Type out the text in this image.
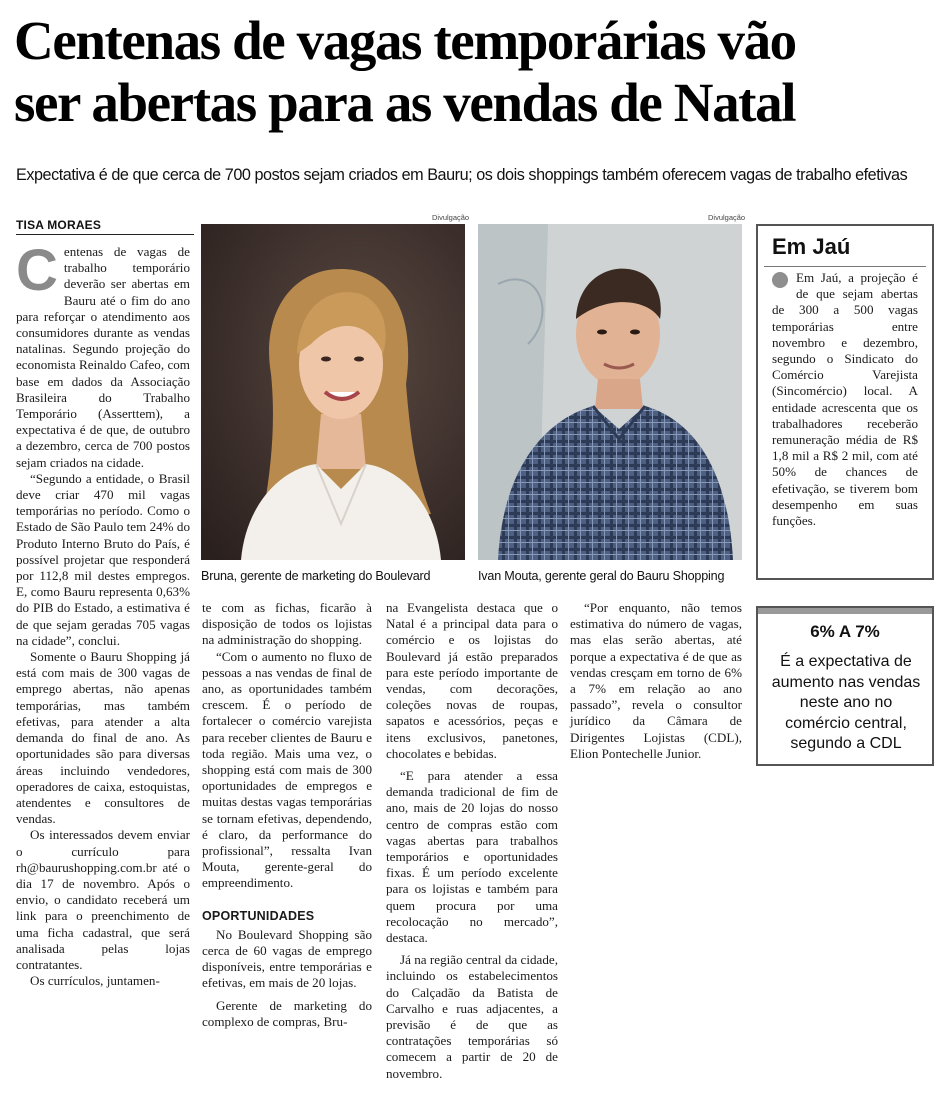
Centenas de vagas temporárias vão
ser abertas para as vendas de Natal
Expectativa é de que cerca de 700 postos sejam criados em Bauru; os dois shoppings também oferecem vagas de trabalho efetivas
TISA MORAES

Centenas de vagas de trabalho temporário deverão ser abertas em Bauru até o fim do ano para reforçar o atendimento aos consumidores durante as vendas natalinas. Segundo projeção do economista Reinaldo Cafeo, com base em dados da Associação Brasileira do Trabalho Temporário (Asserttem), a expectativa é de que, de outubro a dezembro, cerca de 700 postos sejam criados na cidade.

“Segundo a entidade, o Brasil deve criar 470 mil vagas temporárias no período. Como o Estado de São Paulo tem 24% do Produto Interno Bruto do País, é possível projetar que responderá por 112,8 mil destes empregos. E, como Bauru representa 0,63% do PIB do Estado, a estimativa é de que sejam geradas 705 vagas na cidade”, conclui.

Somente o Bauru Shopping já está com mais de 300 vagas de emprego abertas, não apenas temporárias, mas também efetivas, para atender a alta demanda do final de ano. As oportunidades são para diversas áreas incluindo vendedores, operadores de caixa, estoquistas, atendentes e consultores de vendas.

Os interessados devem enviar o currículo para rh@baurushopping.com.br até o dia 17 de novembro. Após o envio, o candidato receberá um link para o preenchimento de uma ficha cadastral, que será analisada pelas lojas contratantes.

Os currículos, juntamen-

Divulgação
Bruna, gerente de marketing do Boulevard
Divulgação
Ivan Mouta, gerente geral do Bauru Shopping

te com as fichas, ficarão à disposição de todos os lojistas na administração do shopping.

“Com o aumento no fluxo de pessoas a nas vendas de final de ano, as oportunidades também crescem. É o período de fortalecer o comércio varejista para receber clientes de Bauru e toda região. Mais uma vez, o shopping está com mais de 300 oportunidades de empregos e muitas destas vagas temporárias se tornam efetivas, dependendo, é claro, da performance do profissional”, ressalta Ivan Mouta, gerente-geral do empreendimento.

OPORTUNIDADES

No Boulevard Shopping são cerca de 60 vagas de emprego disponíveis, entre temporárias e efetivas, em mais de 20 lojas.

Gerente de marketing do complexo de compras, Bru-

na Evangelista destaca que o Natal é a principal data para o comércio e os lojistas do Boulevard já estão preparados para este período importante de vendas, com decorações, coleções novas de roupas, sapatos e acessórios, peças e itens exclusivos, panetones, chocolates e bebidas.

“E para atender a essa demanda tradicional de fim de ano, mais de 20 lojas do nosso centro de compras estão com vagas abertas para trabalhos temporários e oportunidades fixas. É um período excelente para os lojistas e também para quem procura por uma recolocação no mercado”, destaca.

Já na região central da cidade, incluindo os estabelecimentos do Calçadão da Batista de Carvalho e ruas adjacentes, a previsão é de que as contratações temporárias só comecem a partir de 20 de novembro.

“Por enquanto, não temos estimativa do número de vagas, mas elas serão abertas, até porque a expectativa é de que as vendas cresçam em torno de 6% a 7% em relação ao ano passado”, revela o consultor jurídico da Câmara de Dirigentes Lojistas (CDL), Elion Pontechelle Junior.

Em Jaú

Em Jaú, a projeção é de que sejam abertas de 300 a 500 vagas temporárias entre novembro e dezembro, segundo o Sindicato do Comércio Varejista (Sincomércio) local. A entidade acrescenta que os trabalhadores receberão remuneração média de R$ 1,8 mil a R$ 2 mil, com até 50% de chances de efetivação, se tiverem bom desempenho em suas funções.

6% A 7%
É a expectativa de aumento nas vendas neste ano no comércio central, segundo a CDL
